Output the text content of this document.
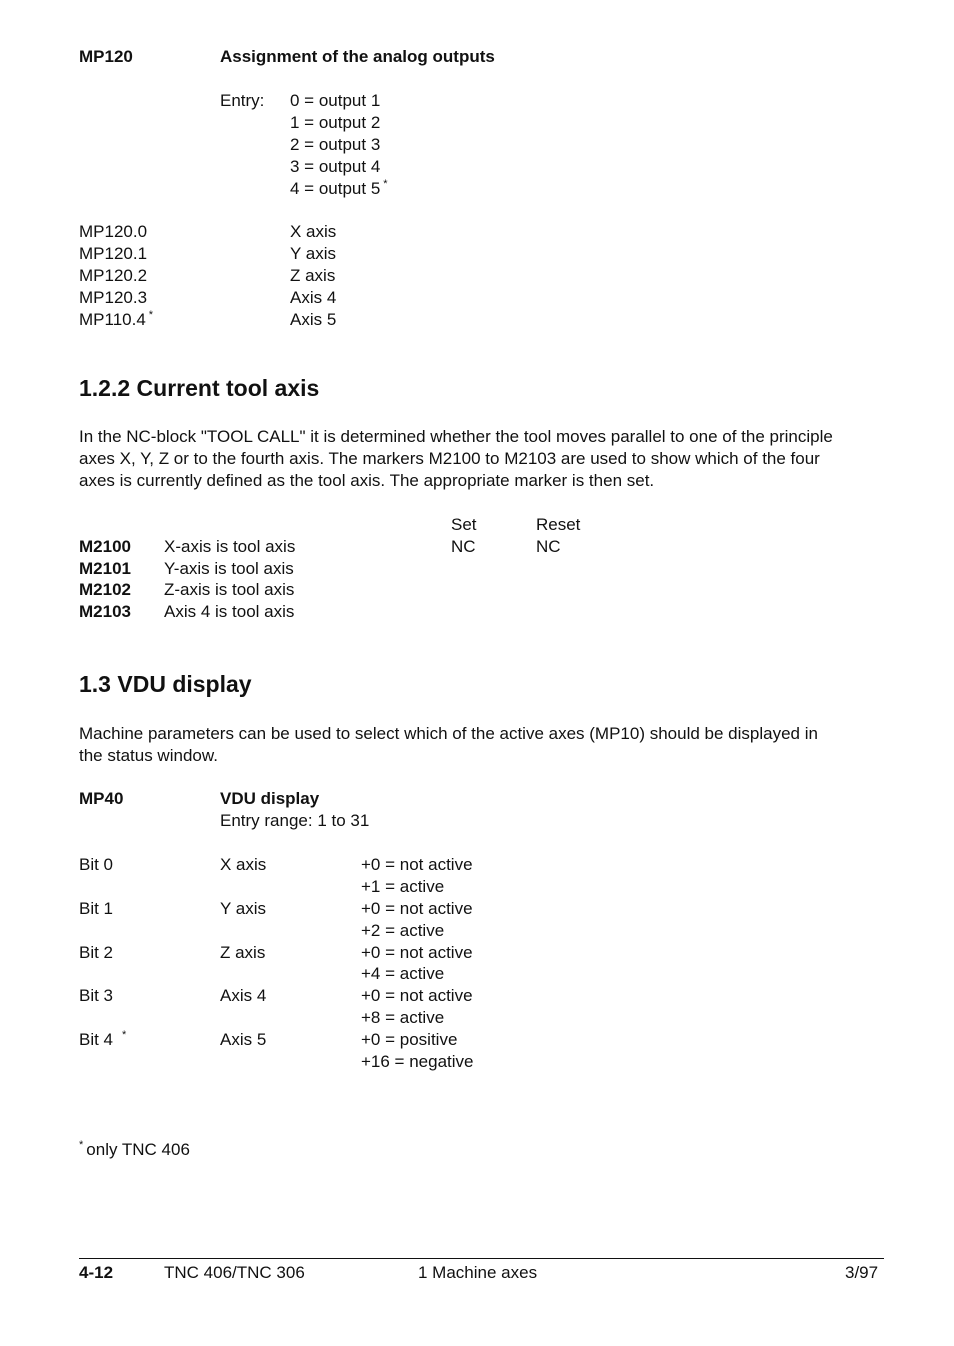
MP120	Assignment of the analog outputs
Entry: 0 = output 1
1 = output 2
2 = output 3
3 = output 4
4 = output 5 *
MP120.0	X axis
MP120.1	Y axis
MP120.2	Z axis
MP120.3	Axis 4
MP110.4 *	Axis 5
1.2.2 Current tool axis
In the NC-block "TOOL CALL" it is determined whether the tool moves parallel to one of the principle
axes X, Y, Z or to the fourth axis. The markers M2100 to M2103 are used to show which of the four
axes is currently defined as the tool axis. The appropriate marker is then set.
Set	Reset
M2100 X-axis is tool axis	NC	NC
M2101 Y-axis is tool axis
M2102 Z-axis is tool axis
M2103 Axis 4 is tool axis
1.3 VDU display
Machine parameters can be used to select which of the active axes (MP10) should be displayed in
the status window.
MP40	VDU display
Entry range: 1 to 31
Bit 0	X axis	+0 = not active
+1 = active
Bit 1	Y axis	+0 = not active
+2 = active
Bit 2	Z axis	+0 = not active
+4 = active
Bit 3	Axis 4	+0 = not active
+8 = active
Bit 4 *	Axis 5	+0 = positive
+16 = negative
* only TNC 406
4-12	TNC 406/TNC 306	1 Machine axes	3/97
